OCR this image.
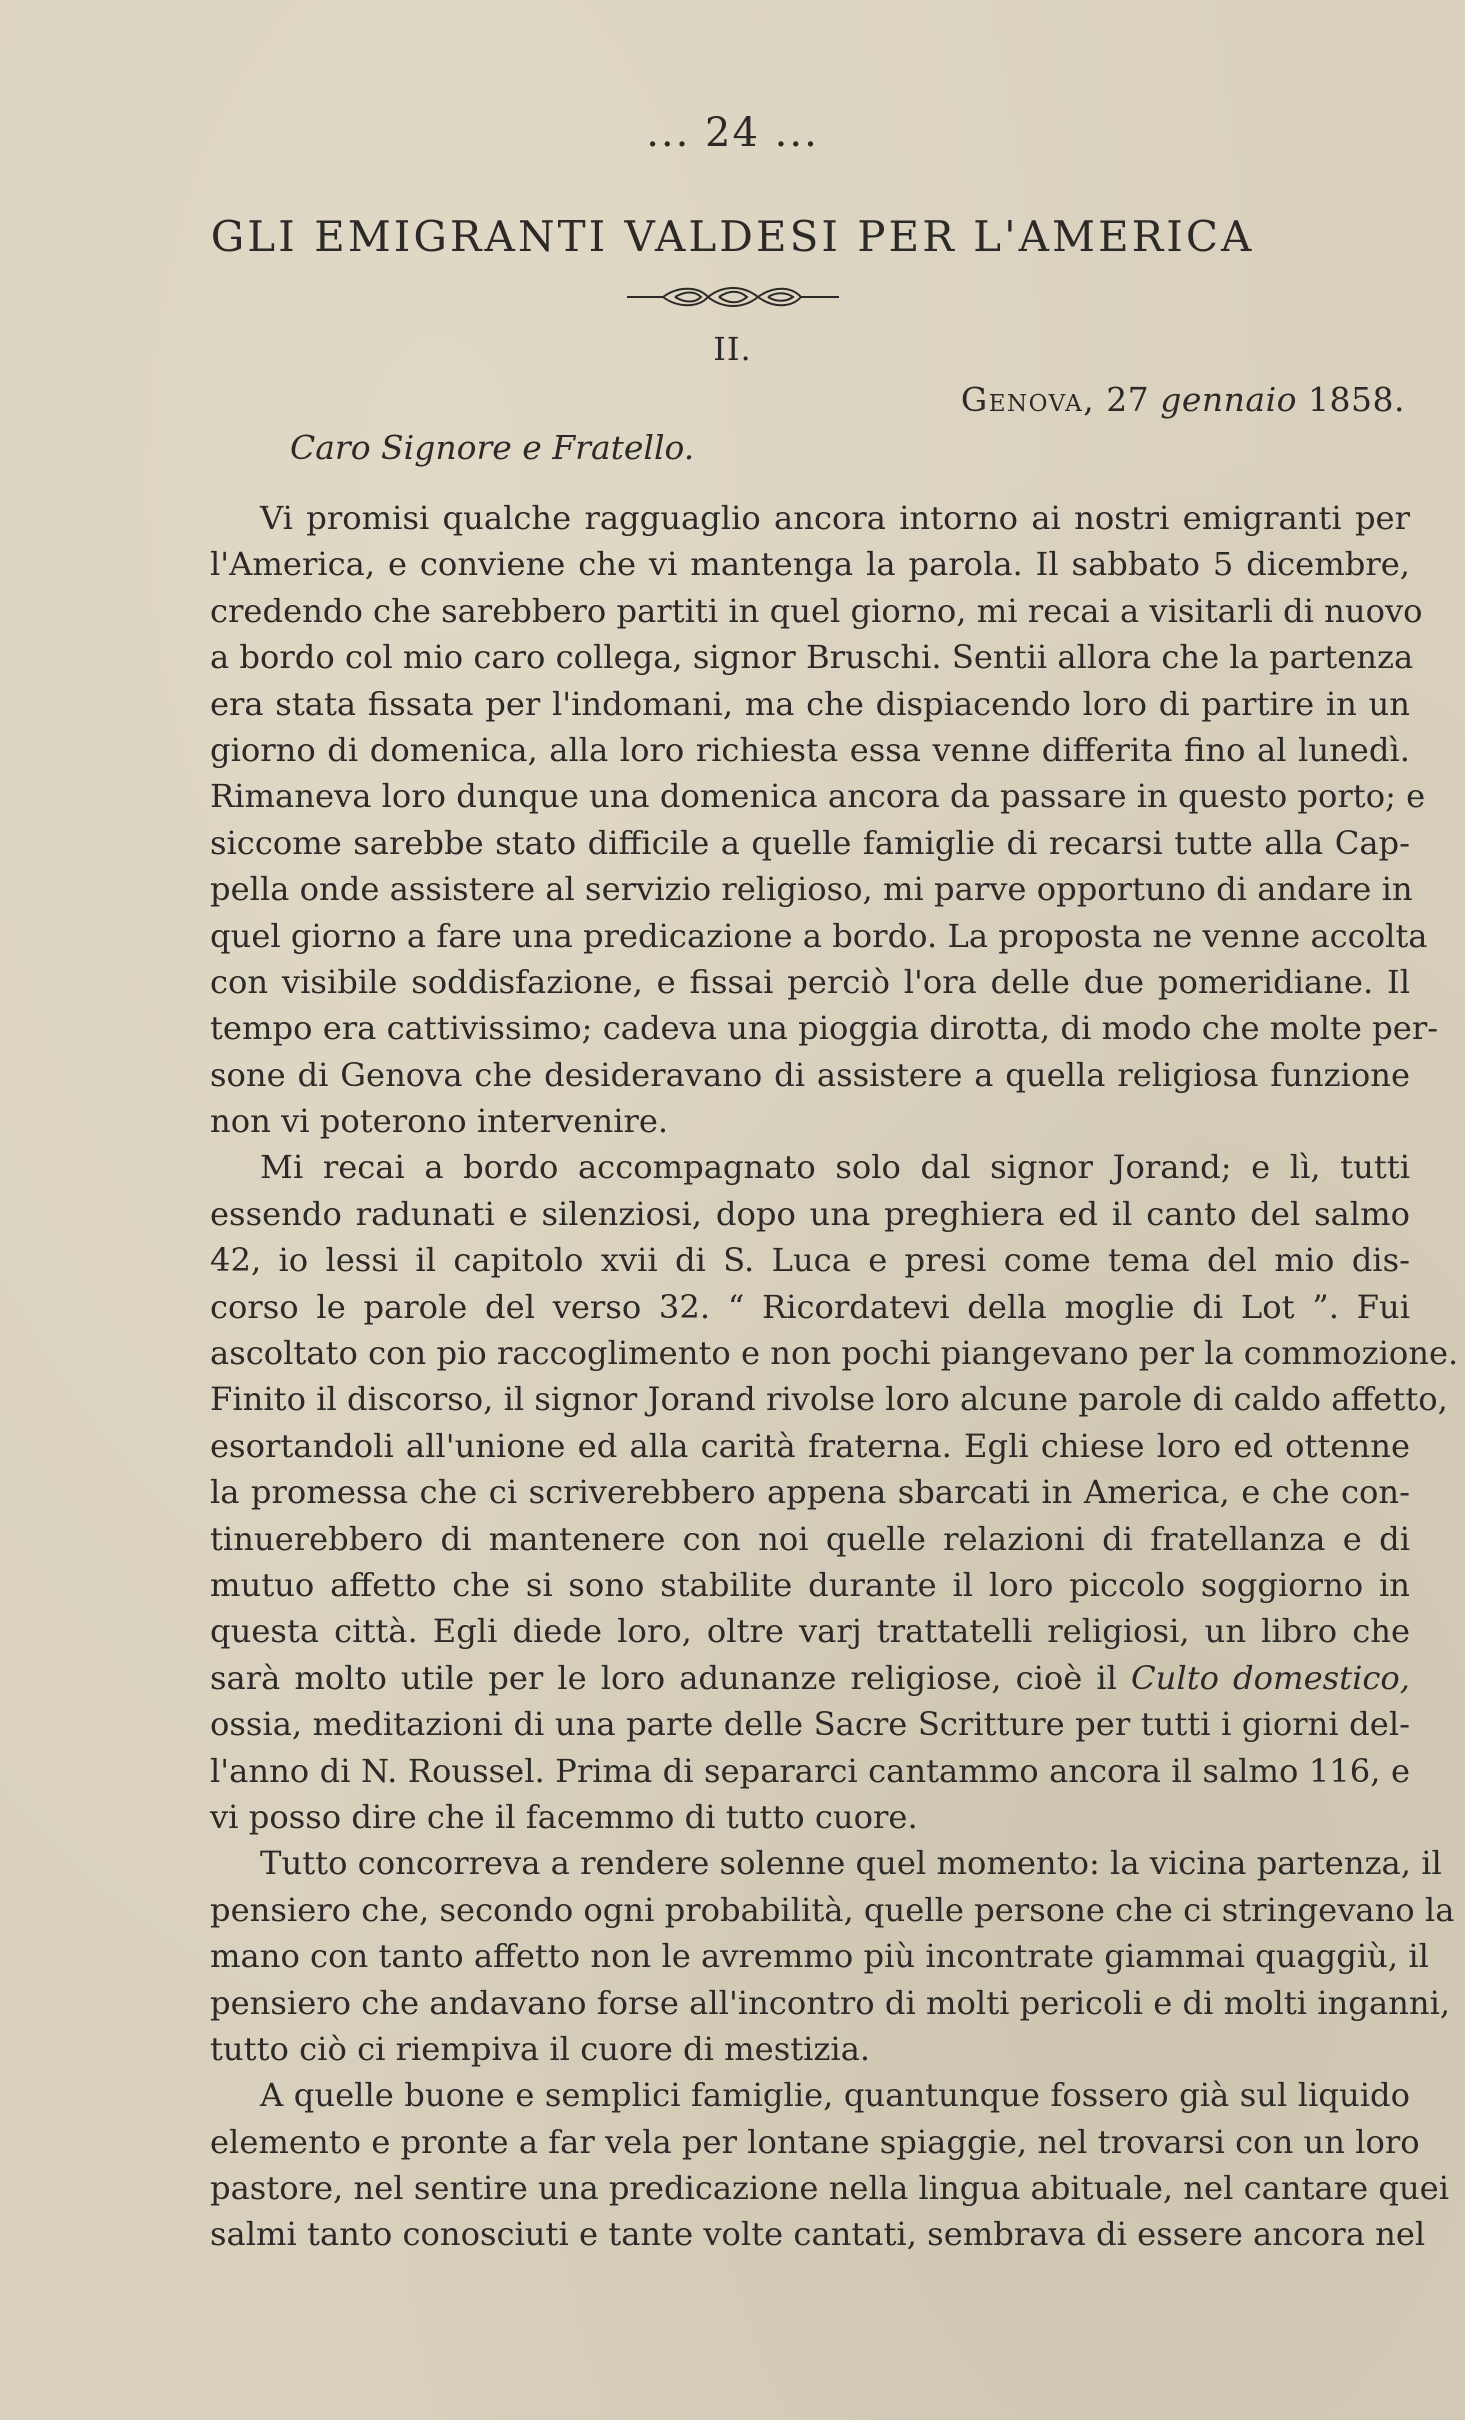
... 24 ...
GLI EMIGRANTI VALDESI PER L'AMERICA
II.
Genova, 27 gennaio 1858.
Caro Signore e Fratello.
Vi promisi qualche ragguaglio ancora intorno ai nostri emigranti per
l'America, e conviene che vi mantenga la parola. Il sabbato 5 dicembre,
credendo che sarebbero partiti in quel giorno, mi recai a visitarli di nuovo
a bordo col mio caro collega, signor Bruschi. Sentii allora che la partenza
era stata fissata per l'indomani, ma che dispiacendo loro di partire in un
giorno di domenica, alla loro richiesta essa venne differita fino al lunedì.
Rimaneva loro dunque una domenica ancora da passare in questo porto; e
siccome sarebbe stato difficile a quelle famiglie di recarsi tutte alla Cap-
pella onde assistere al servizio religioso, mi parve opportuno di andare in
quel giorno a fare una predicazione a bordo. La proposta ne venne accolta
con visibile soddisfazione, e fissai perciò l'ora delle due pomeridiane. Il
tempo era cattivissimo; cadeva una pioggia dirotta, di modo che molte per-
sone di Genova che desideravano di assistere a quella religiosa funzione
non vi poterono intervenire.
Mi recai a bordo accompagnato solo dal signor Jorand; e lì, tutti
essendo radunati e silenziosi, dopo una preghiera ed il canto del salmo
42, io lessi il capitolo xvii di S. Luca e presi come tema del mio dis-
corso le parole del verso 32. “ Ricordatevi della moglie di Lot ”. Fui
ascoltato con pio raccoglimento e non pochi piangevano per la commozione.
Finito il discorso, il signor Jorand rivolse loro alcune parole di caldo affetto,
esortandoli all'unione ed alla carità fraterna. Egli chiese loro ed ottenne
la promessa che ci scriverebbero appena sbarcati in America, e che con-
tinuerebbero di mantenere con noi quelle relazioni di fratellanza e di
mutuo affetto che si sono stabilite durante il loro piccolo soggiorno in
questa città. Egli diede loro, oltre varj trattatelli religiosi, un libro che
sarà molto utile per le loro adunanze religiose, cioè il Culto domestico,
ossia, meditazioni di una parte delle Sacre Scritture per tutti i giorni del-
l'anno di N. Roussel. Prima di separarci cantammo ancora il salmo 116, e
vi posso dire che il facemmo di tutto cuore.
Tutto concorreva a rendere solenne quel momento: la vicina partenza, il
pensiero che, secondo ogni probabilità, quelle persone che ci stringevano la
mano con tanto affetto non le avremmo più incontrate giammai quaggiù, il
pensiero che andavano forse all'incontro di molti pericoli e di molti inganni,
tutto ciò ci riempiva il cuore di mestizia.
A quelle buone e semplici famiglie, quantunque fossero già sul liquido
elemento e pronte a far vela per lontane spiaggie, nel trovarsi con un loro
pastore, nel sentire una predicazione nella lingua abituale, nel cantare quei
salmi tanto conosciuti e tante volte cantati, sembrava di essere ancora nel
